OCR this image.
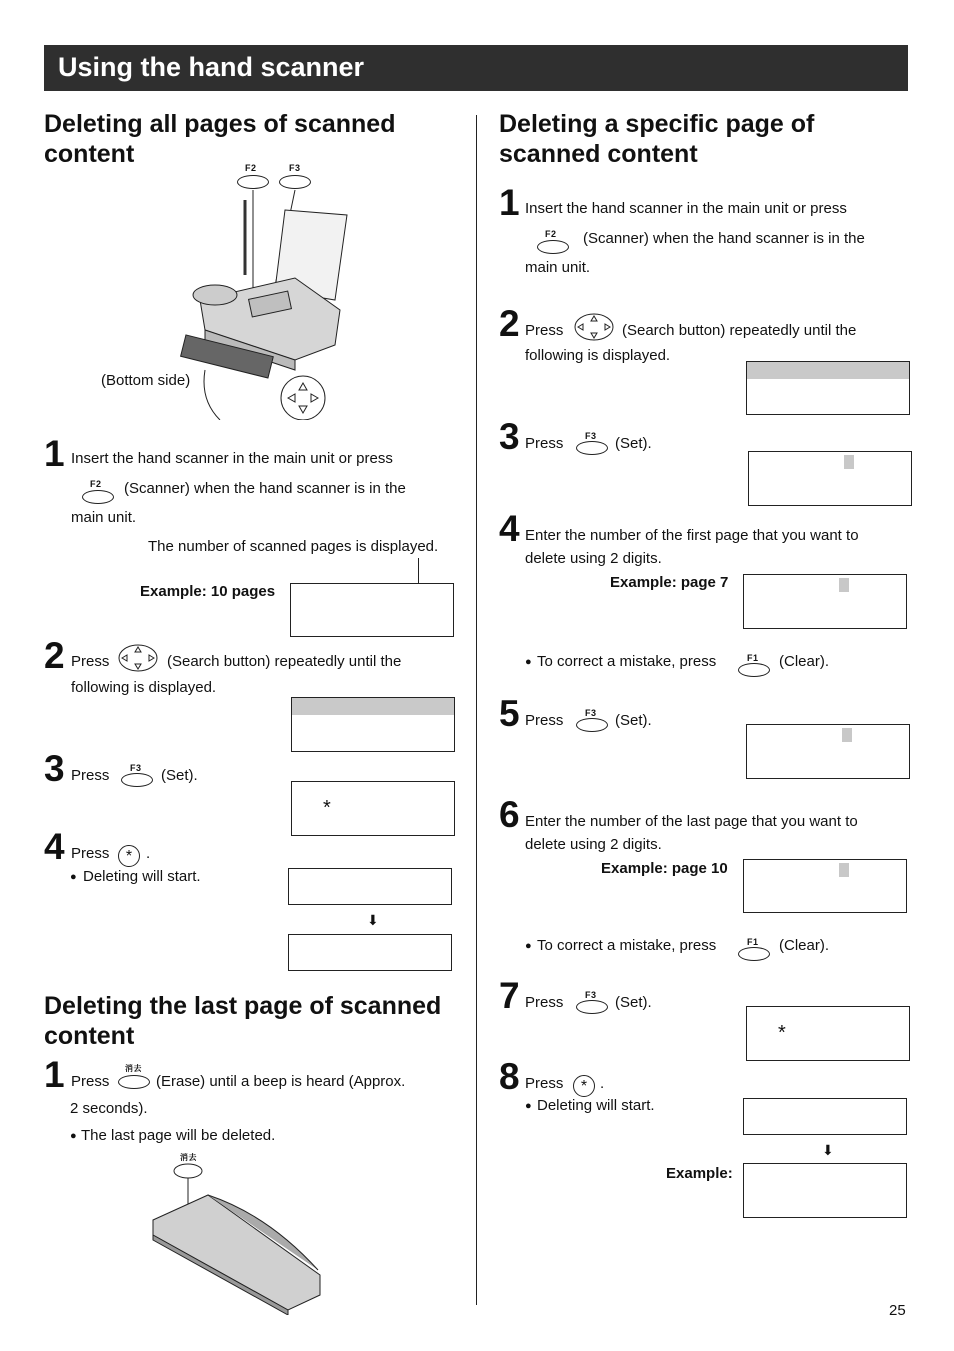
Using the hand scanner
Deleting all pages of scanned
content	F2	F3
(Bottom side)
1 Insert the hand scanner in the main unit or press
F2 (Scanner) when the hand scanner is in the
main unit.
The number of scanned pages is displayed.
Example: 10 pages
2 Press	(Search button) repeatedly until the
following is displayed.
3 Press F3 (Set).
*
4 Press	* .
● Deleting will start.
⬇
Deleting the last page of scanned
content
1 Press
消去
(Erase) until a beep is heard (Approx.
2 seconds).
● The last page will be deleted.
消去
Deleting a specific page of
scanned content
1 Insert the hand scanner in the main unit or press
F2 (Scanner) when the hand scanner is in the
main unit.
2 Press	(Search button) repeatedly until the
following is displayed.
3 Press F3 (Set).
4 Enter the number of the first page that you want to
delete using 2 digits.
Example: page 7
● To correct a mistake, press	F1 (Clear).
5 Press F3 (Set).
6 Enter the number of the last page that you want to
delete using 2 digits.
Example: page 10
● To correct a mistake, press	F1 (Clear).
7 Press F3 (Set).
*
8 Press	* .
● Deleting will start.
⬇
Example:
25
